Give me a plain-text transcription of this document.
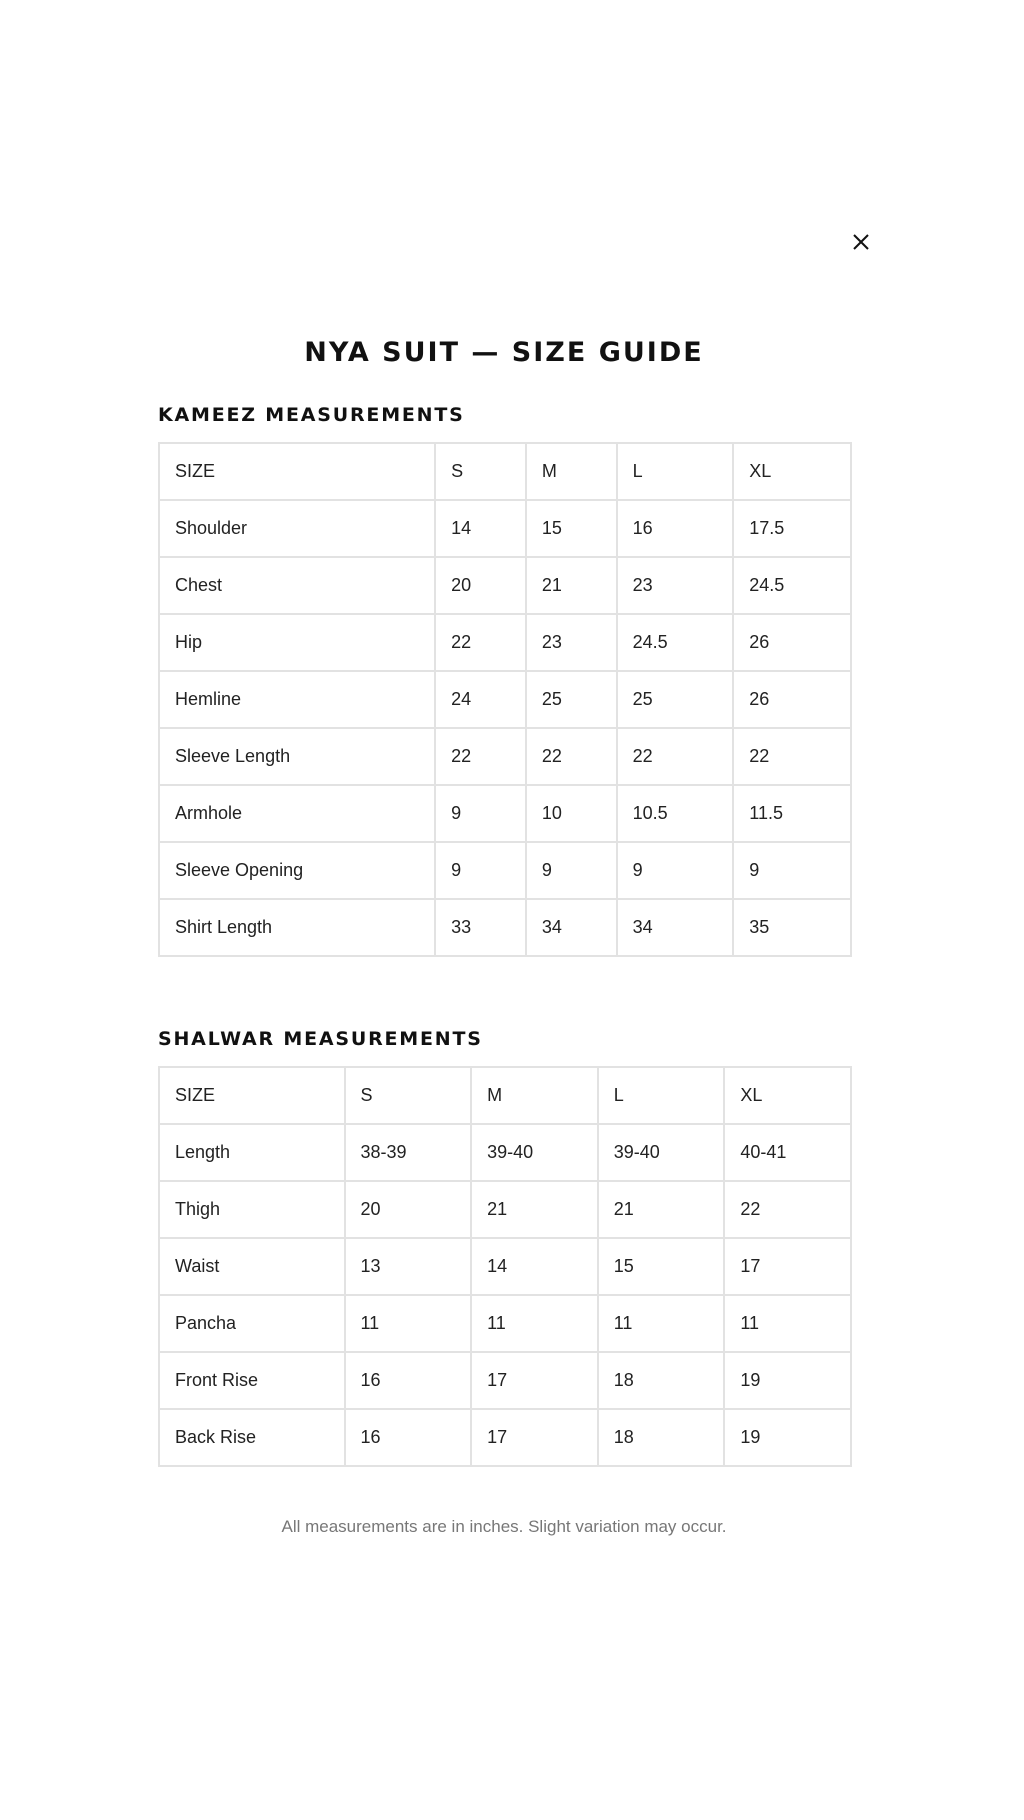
NYA SUIT — SIZE GUIDE
KAMEEZ MEASUREMENTS
SIZE	S	M	L	XL
Shoulder	14	15	16	17.5
Chest	20	21	23	24.5
Hip	22	23	24.5	26
Hemline	24	25	25	26
Sleeve Length	22	22	22	22
Armhole	9	10	10.5	11.5
Sleeve Opening	9	9	9	9
Shirt Length	33	34	34	35
SHALWAR MEASUREMENTS
SIZE	S	M	L	XL
Length	38-39	39-40	39-40	40-41
Thigh	20	21	21	22
Waist	13	14	15	17
Pancha	11	11	11	11
Front Rise	16	17	18	19
Back Rise	16	17	18	19

All measurements are in inches. Slight variation may occur.
